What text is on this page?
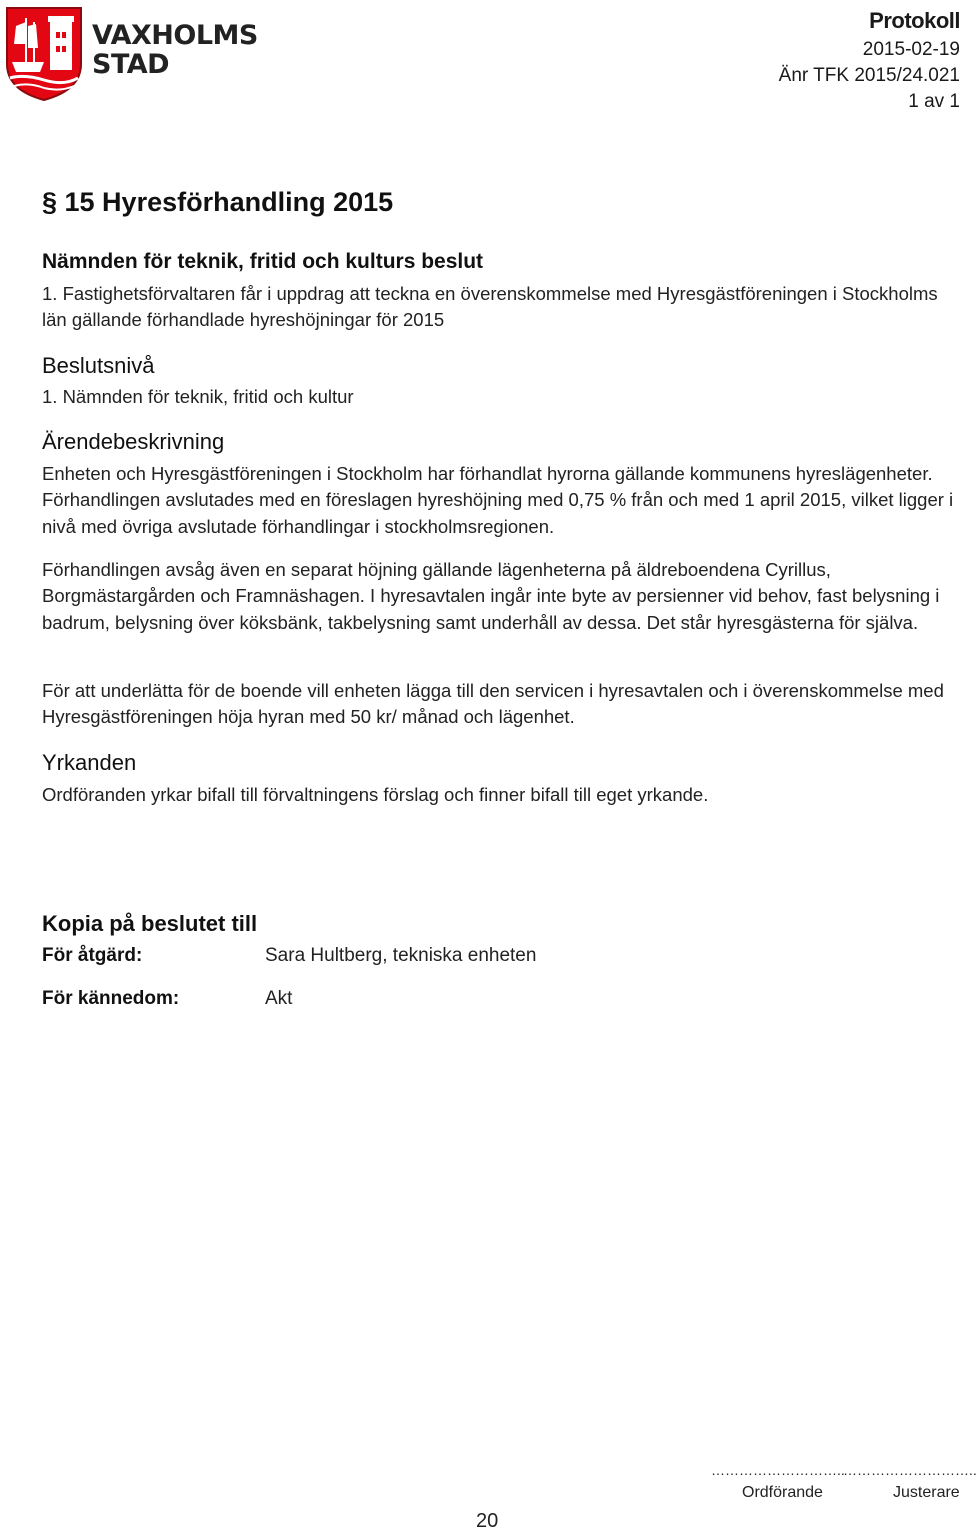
VAXHOLMS
STAD
Protokoll
2015-02-19
Änr TFK 2015/24.021
1 av 1
§ 15 Hyresförhandling 2015
Nämnden för teknik, fritid och kulturs beslut
1. Fastighetsförvaltaren får i uppdrag att teckna en överenskommelse med Hyresgästföreningen i Stockholms län gällande förhandlade hyreshöjningar för 2015
Beslutsnivå
1. Nämnden för teknik, fritid och kultur
Ärendebeskrivning
Enheten och Hyresgästföreningen i Stockholm har förhandlat hyrorna gällande kommunens hyreslägenheter. Förhandlingen avslutades med en föreslagen hyreshöjning med 0,75 % från och med 1 april 2015, vilket ligger i nivå med övriga avslutade förhandlingar i stockholmsregionen.
Förhandlingen avsåg även en separat höjning gällande lägenheterna på äldreboendena Cyrillus, Borgmästargården och Framnäshagen. I hyresavtalen ingår inte byte av persienner vid behov, fast belysning i badrum, belysning över köksbänk, takbelysning samt underhåll av dessa. Det står hyresgästerna för själva.
För att underlätta för de boende vill enheten lägga till den servicen i hyresavtalen och i överenskommelse med Hyresgästföreningen höja hyran med 50 kr/ månad och lägenhet.
Yrkanden
Ordföranden yrkar bifall till förvaltningens förslag och finner bifall till eget yrkande.
Kopia på beslutet till
För åtgärd:	Sara Hultberg, tekniska enheten
För kännedom:	Akt
………………………..
………………………..
Ordförande	Justerare
20
